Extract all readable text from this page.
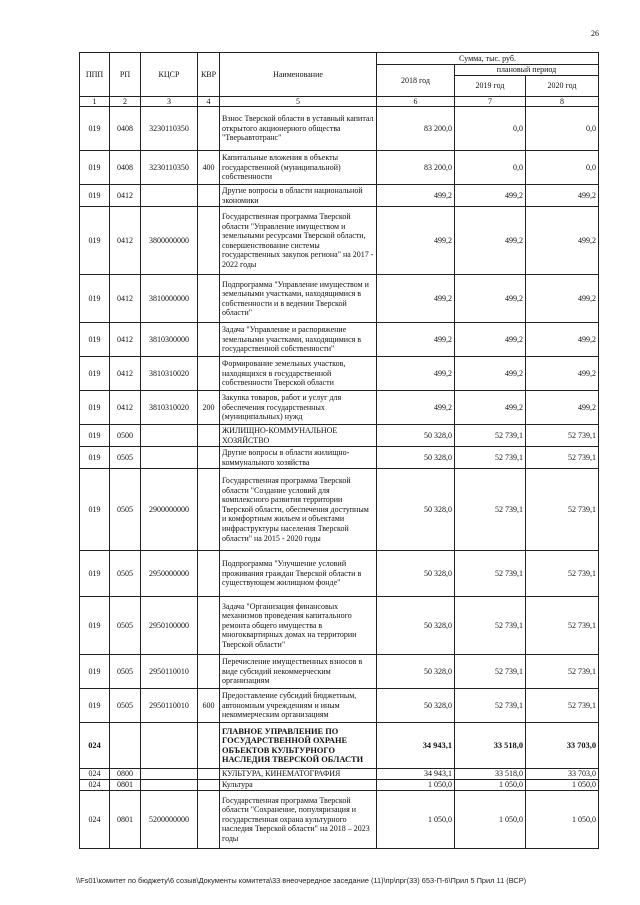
26
ППП	РП	КЦСР	КВР	Наименование	Сумма, тыс. руб.		
					2018 год	плановый период	
						2019 год	2020 год
1	2	3	4	5	6	7	8
019	0408	3230110350		Взнос Тверской области в уставный капитал открытого акционерного общества "Тверьавтотранс"	83 200,0	0,0	0,0
019	0408	3230110350	400	Капитальные вложения в объекты государственной (муниципальной) собственности	83 200,0	0,0	0,0
019	0412			Другие вопросы в области национальной экономики	499,2	499,2	499,2
019	0412	3800000000		Государственная программа Тверской области "Управление имуществом и земельными ресурсами Тверской области, совершенствование системы государственных закупок региона" на 2017 - 2022 годы	499,2	499,2	499,2
019	0412	3810000000		Подпрограмма "Управление имуществом и земельными участками, находящимися в собственности и в ведении Тверской области"	499,2	499,2	499,2
019	0412	3810300000		Задача "Управление и распоряжение земельными участками, находящимися в государственной собственности"	499,2	499,2	499,2
019	0412	3810310020		Формирование земельных участков, находящихся в государственной собственности Тверской области	499,2	499,2	499,2
019	0412	3810310020	200	Закупка товаров, работ и услуг для обеспечения государственных (муниципальных) нужд	499,2	499,2	499,2
019	0500			ЖИЛИЩНО-КОММУНАЛЬНОЕ ХОЗЯЙСТВО	50 328,0	52 739,1	52 739,1
019	0505			Другие вопросы в области жилищно-коммунального хозяйства	50 328,0	52 739,1	52 739,1
019	0505	2900000000		Государственная программа Тверской области "Создание условий для комплексного развития территории Тверской области, обеспечения доступным и комфортным жильем и объектами инфраструктуры населения Тверской области" на 2015 - 2020 годы	50 328,0	52 739,1	52 739,1
019	0505	2950000000		Подпрограмма "Улучшение условий проживания граждан Тверской области в существующем жилищном фонде"	50 328,0	52 739,1	52 739,1
019	0505	2950100000		Задача "Организация финансовых механизмов проведения капитального ремонта общего имущества в многоквартирных домах на территории Тверской области"	50 328,0	52 739,1	52 739,1
019	0505	2950110010		Перечисление имущественных взносов в виде субсидий некоммерческим организациям	50 328,0	52 739,1	52 739,1
019	0505	2950110010	600	Предоставление субсидий бюджетным, автономным учреждениям и иным некоммерческим организациям	50 328,0	52 739,1	52 739,1
024				ГЛАВНОЕ УПРАВЛЕНИЕ ПО ГОСУДАРСТВЕННОЙ ОХРАНЕ ОБЪЕКТОВ КУЛЬТУРНОГО НАСЛЕДИЯ ТВЕРСКОЙ ОБЛАСТИ	34 943,1	33 518,0	33 703,0
024	0800			КУЛЬТУРА, КИНЕМАТОГРАФИЯ	34 943,1	33 518,0	33 703,0
024	0801			Культура	1 050,0	1 050,0	1 050,0
024	0801	5200000000		Государственная программа Тверской области "Сохранение, популяризация и государственная охрана культурного наследия Тверской области" на 2018 – 2023 годы	1 050,0	1 050,0	1 050,0
\\Fs01\комитет по бюджету\6 созыв\Документы комитета\33 внеочередное заседание (11)\пр\прг(33) 653-П-6\Прил 5 Прил 11 (ВСР)
